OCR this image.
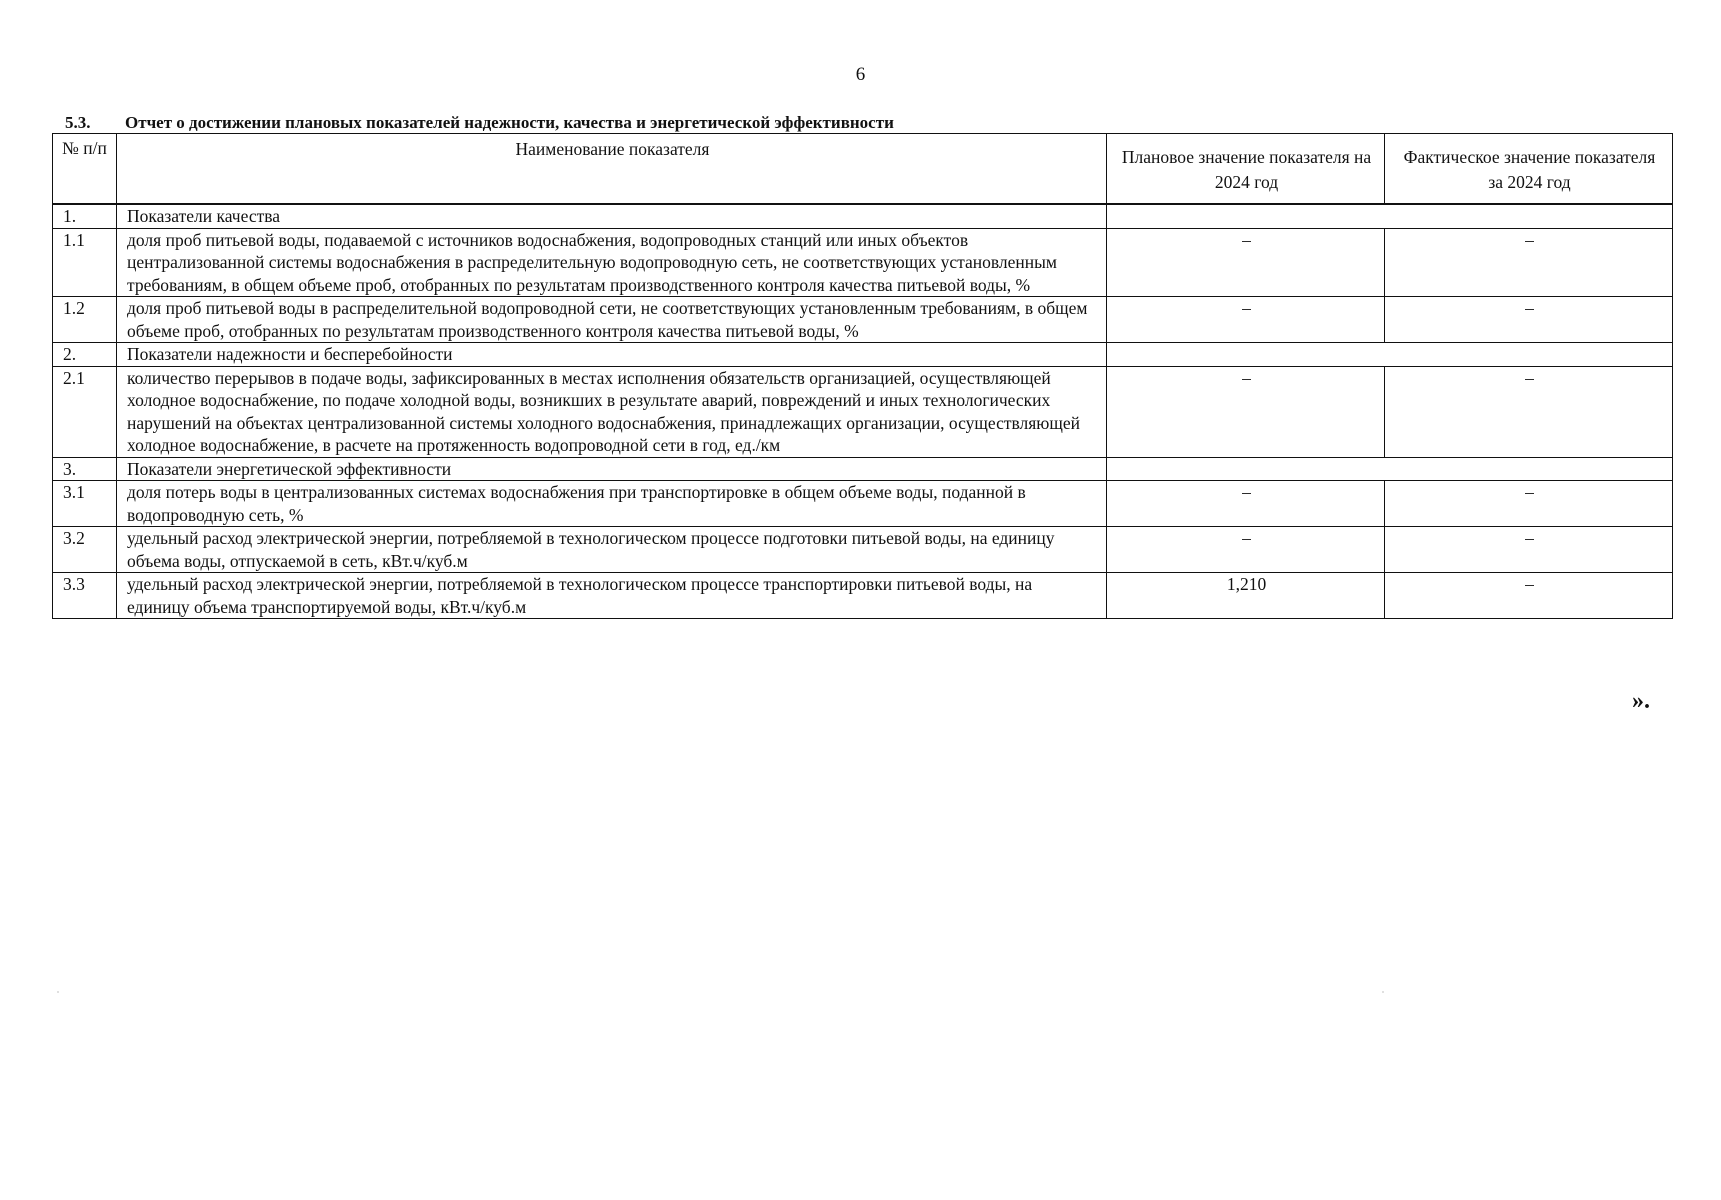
6
5.3. Отчет о достижении плановых показателей надежности, качества и энергетической эффективности
№ п/п	Наименование показателя	Плановое значение показателя на 2024 год	Фактическое значение показателя за 2024 год
1.	Показатели качества		
1.1	доля проб питьевой воды, подаваемой с источников водоснабжения, водопроводных станций или иных объектов централизованной системы водоснабжения в распределительную водопроводную сеть, не соответствующих установленным требованиям, в общем объеме проб, отобранных по результатам производственного контроля качества питьевой воды, %	–	–
1.2	доля проб питьевой воды в распределительной водопроводной сети, не соответствующих установленным требованиям, в общем объеме проб, отобранных по результатам производственного контроля качества питьевой воды, %	–	–
2.	Показатели надежности и бесперебойности		
2.1	количество перерывов в подаче воды, зафиксированных в местах исполнения обязательств организацией, осуществляющей холодное водоснабжение, по подаче холодной воды, возникших в результате аварий, повреждений и иных технологических нарушений на объектах централизованной системы холодного водоснабжения, принадлежащих организации, осуществляющей холодное водоснабжение, в расчете на протяженность водопроводной сети в год, ед./км	–	–
3.	Показатели энергетической эффективности		
3.1	доля потерь воды в централизованных системах водоснабжения при транспортировке в общем объеме воды, поданной в водопроводную сеть, %	–	–
3.2	удельный расход электрической энергии, потребляемой в технологическом процессе подготовки питьевой воды, на единицу объема воды, отпускаемой в сеть, кВт.ч/куб.м	–	–
3.3	удельный расход электрической энергии, потребляемой в технологическом процессе транспортировки питьевой воды, на единицу объема транспортируемой воды, кВт.ч/куб.м	1,210	–
».
